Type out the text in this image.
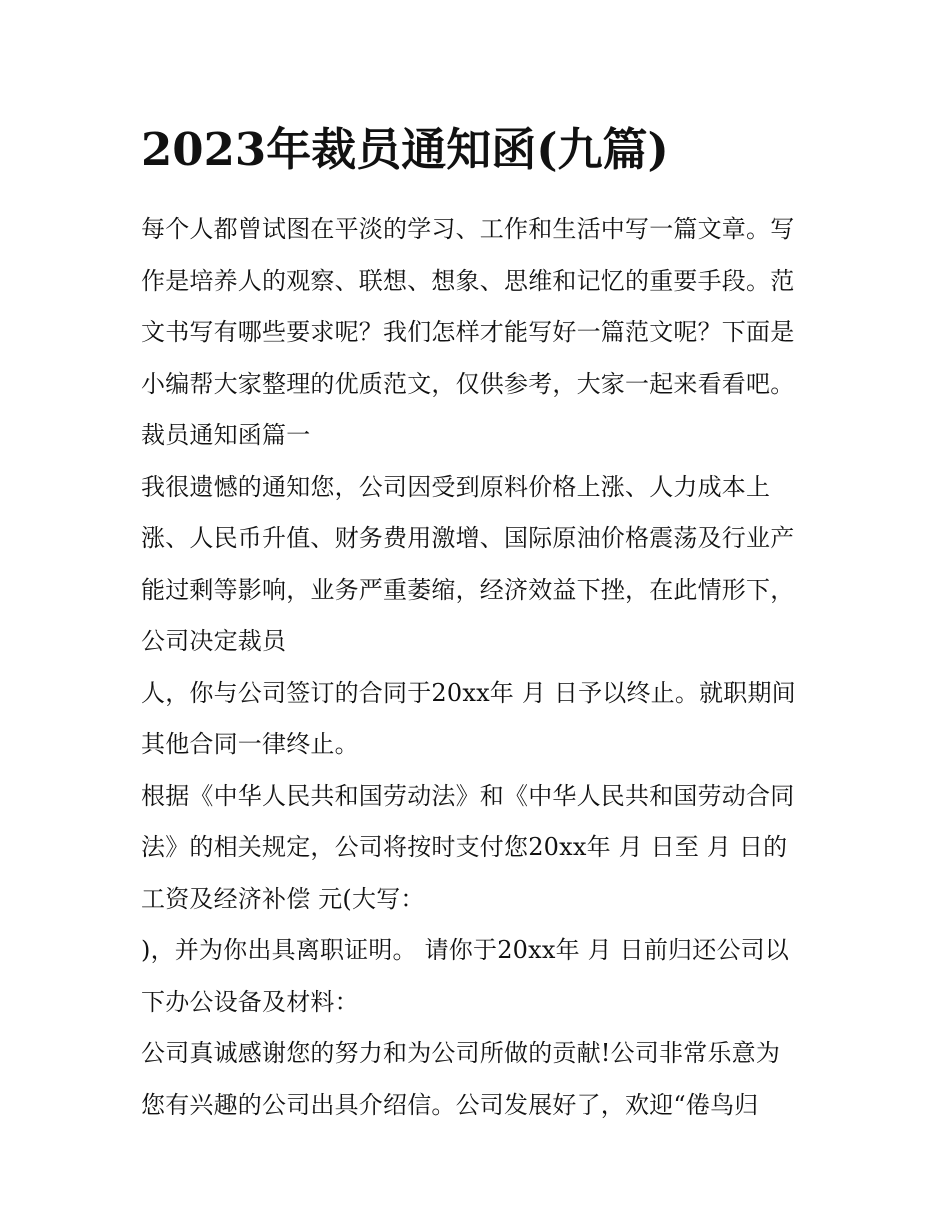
2023年裁员通知函(九篇)
每个人都曾试图在平淡的学习、工作和生活中写一篇文章。写
作是培养人的观察、联想、想象、思维和记忆的重要手段。范
文书写有哪些要求呢？我们怎样才能写好一篇范文呢？下面是
小编帮大家整理的优质范文，仅供参考，大家一起来看看吧。
裁员通知函篇一
我很遗憾的通知您，公司因受到原料价格上涨、人力成本上
涨、人民币升值、财务费用激增、国际原油价格震荡及行业产
能过剩等影响，业务严重萎缩，经济效益下挫，在此情形下，
公司决定裁员
人，你与公司签订的合同于20xx年 月 日予以终止。就职期间
其他合同一律终止。
根据《中华人民共和国劳动法》和《中华人民共和国劳动合同
法》的相关规定，公司将按时支付您20xx年 月 日至 月 日的
工资及经济补偿 元(大写：
)，并为你出具离职证明。 请你于20xx年 月 日前归还公司以
下办公设备及材料：
公司真诚感谢您的努力和为公司所做的贡献!公司非常乐意为
您有兴趣的公司出具介绍信。公司发展好了，欢迎“倦鸟归
